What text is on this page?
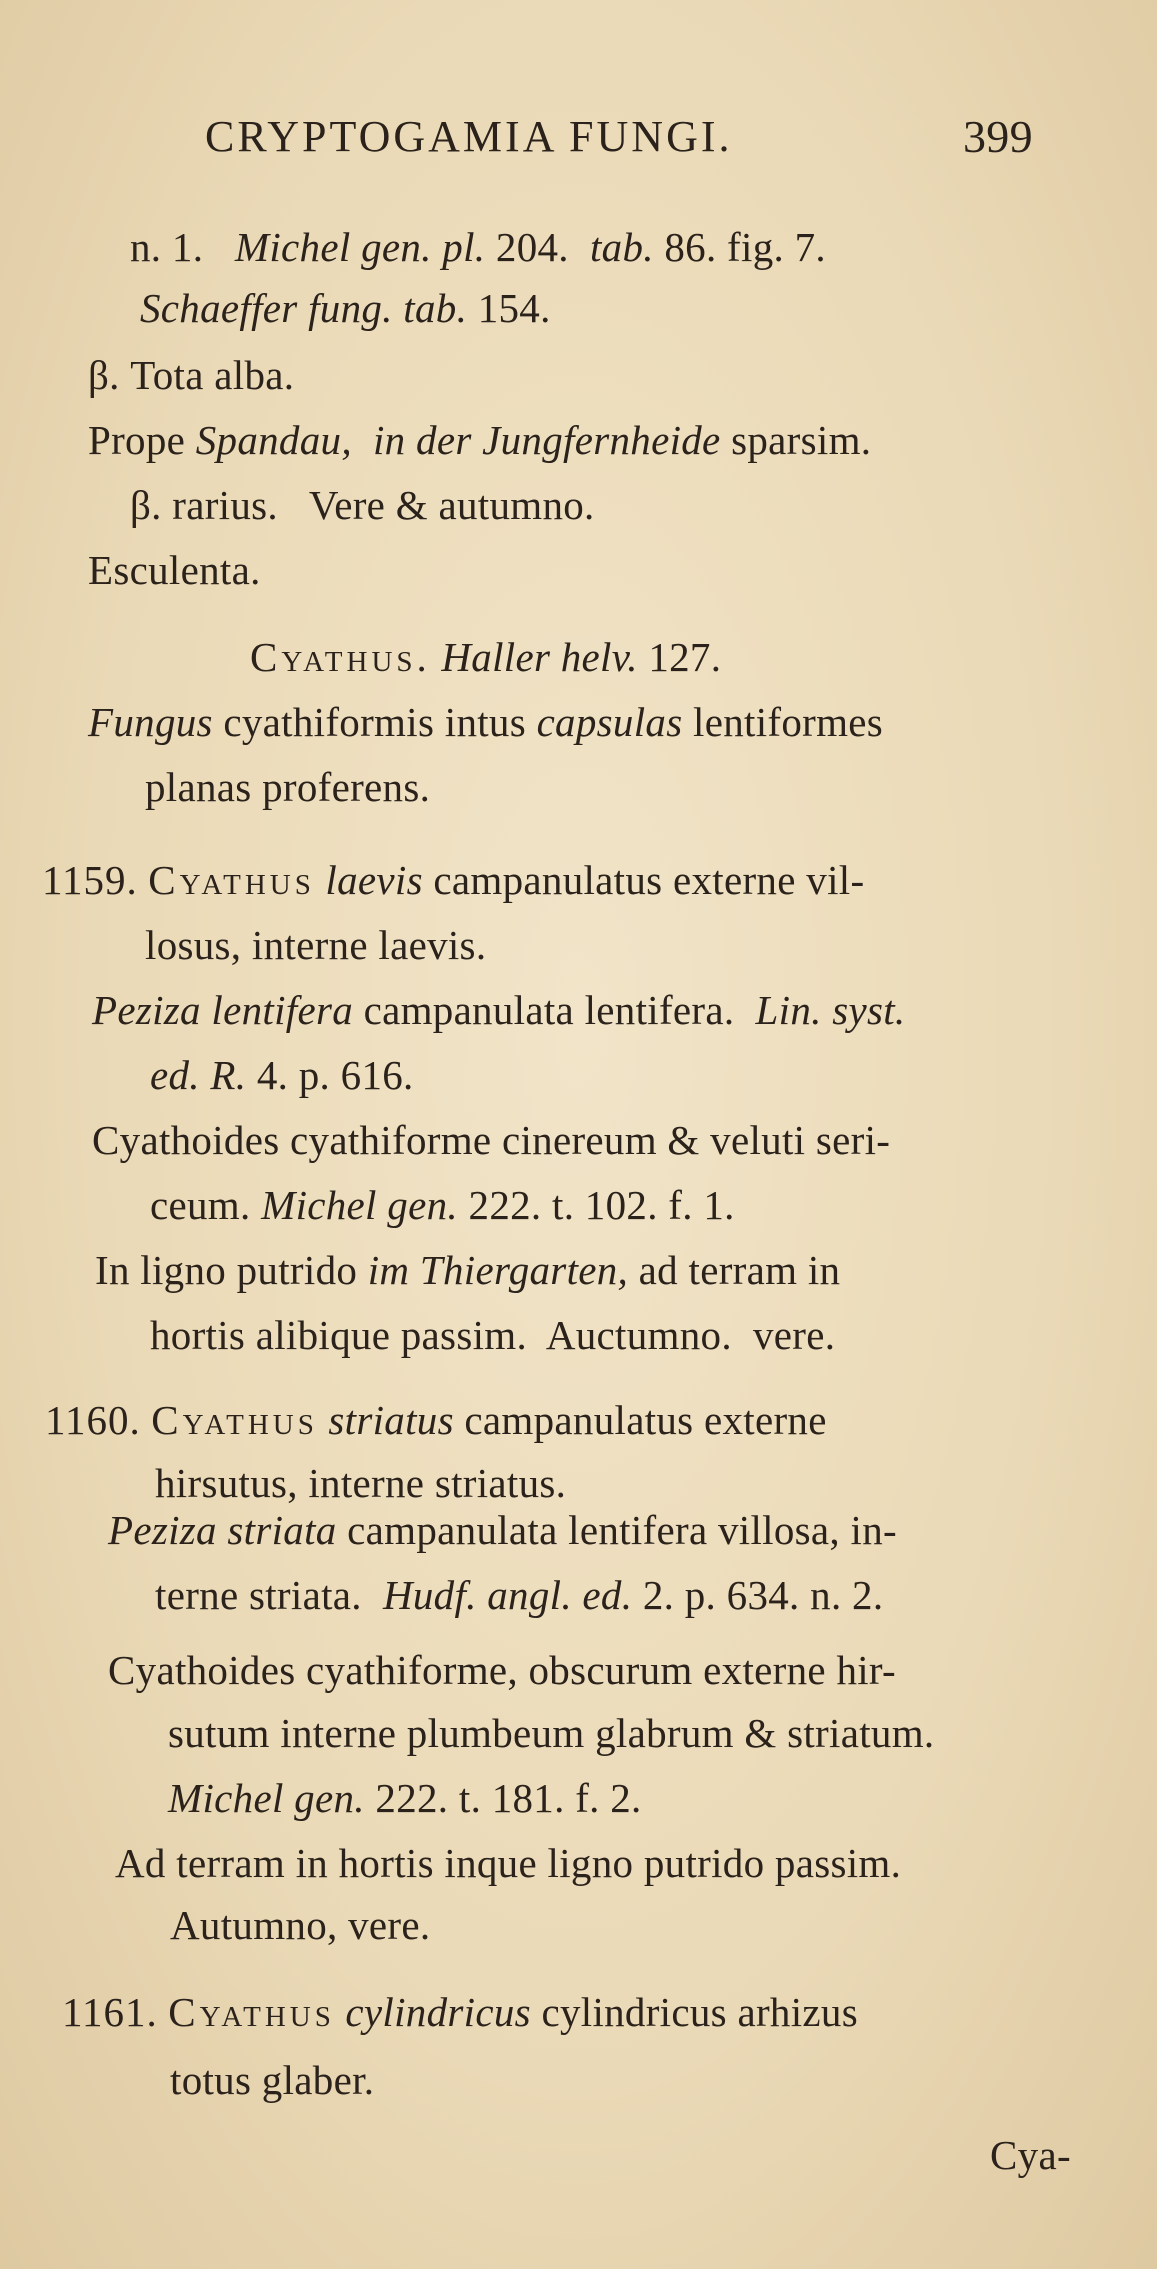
CRYPTOGAMIA FUNGI.	399
n. 1. Michel gen. pl. 204. tab. 86. fig. 7.
Schaeffer fung. tab. 154.
β. Tota alba.
Prope Spandau, in der Jungfernheide sparsim.
β. rarius.   Vere & autumno.
Esculenta.
Cyathus. Haller helv. 127.
Fungus cyathiformis intus capsulas lentiformes
planas proferens.
1159. Cyathus laevis campanulatus externe vil-
losus, interne laevis.
Peziza lentifera campanulata lentifera. Lin. syst.
ed. R. 4. p. 616.
Cyathoides cyathiforme cinereum & veluti seri-
ceum. Michel gen. 222. t. 102. f. 1.
In ligno putrido im Thiergarten, ad terram in
hortis alibique passim.  Auctumno.  vere.
1160. Cyathus striatus campanulatus externe
hirsutus, interne striatus.
Peziza striata campanulata lentifera villosa, in-
terne striata. Hudf. angl. ed. 2. p. 634. n. 2.
Cyathoides cyathiforme, obscurum externe hir-
sutum interne plumbeum glabrum & striatum.
Michel gen. 222. t. 181. f. 2.
Ad terram in hortis inque ligno putrido passim.
Autumno, vere.
1161. Cyathus cylindricus cylindricus arhizus
totus glaber.
Cya-
